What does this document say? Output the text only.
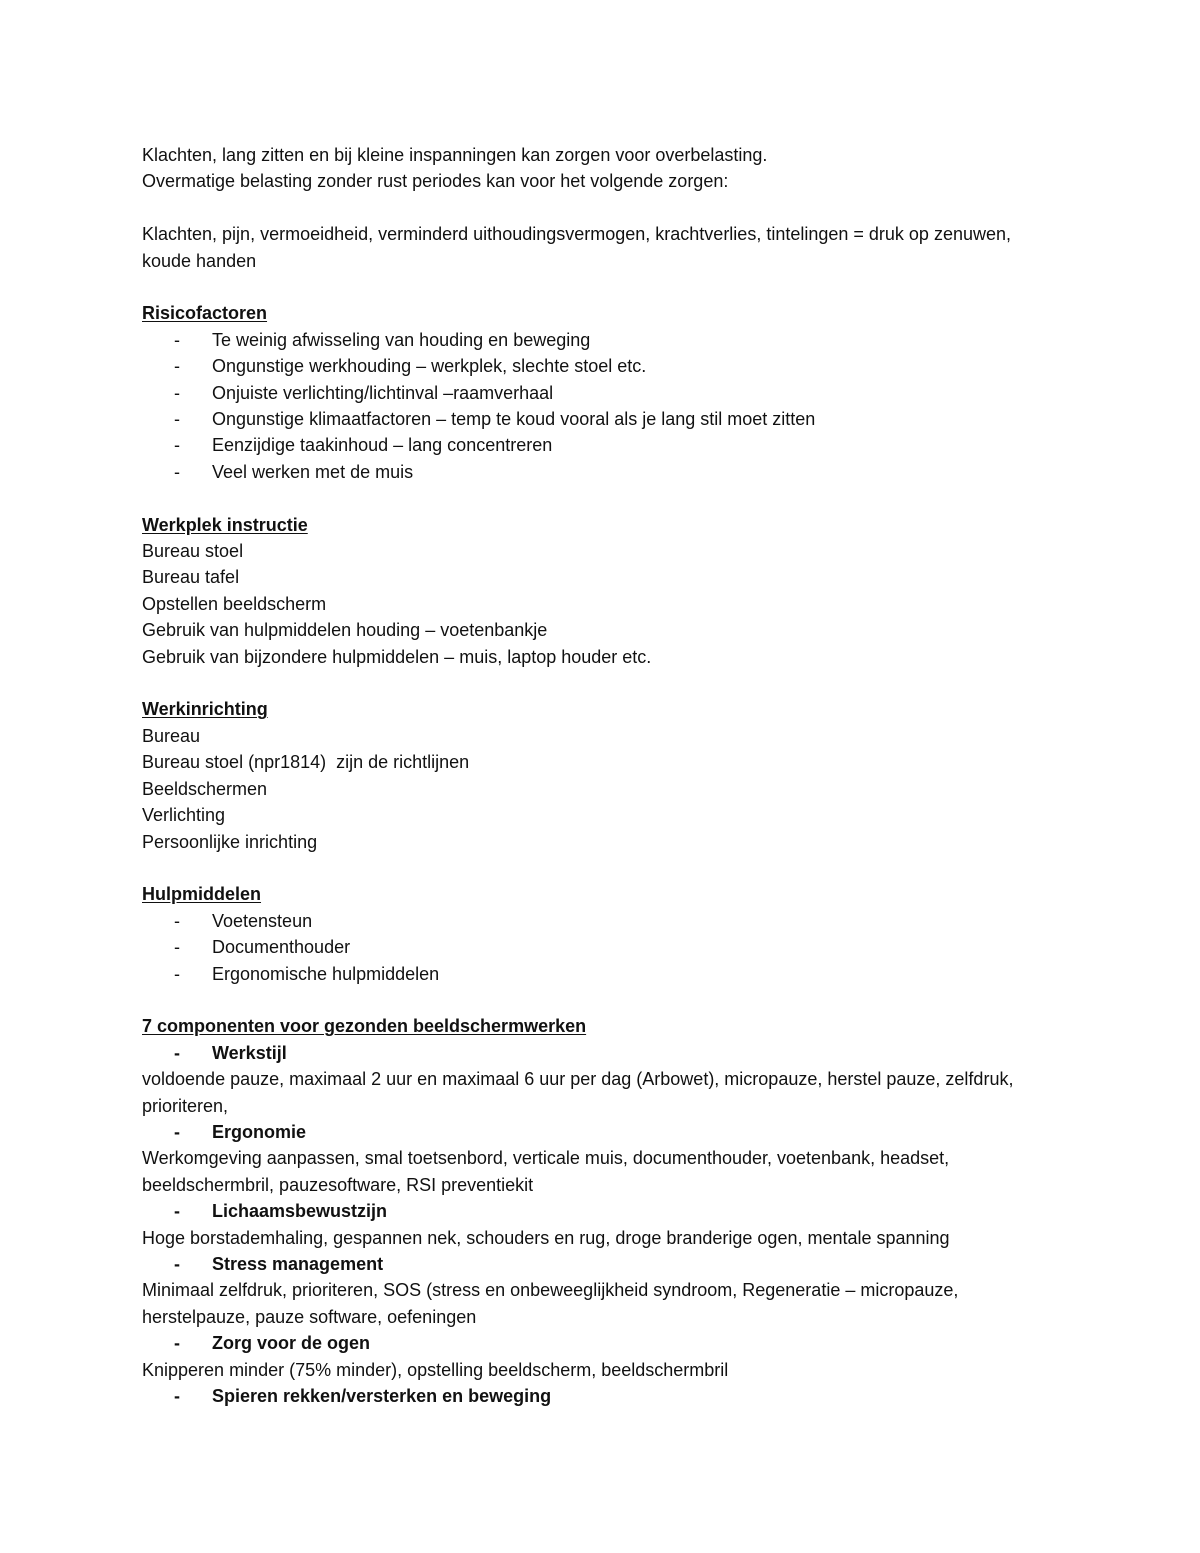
Klachten, lang zitten en bij kleine inspanningen kan zorgen voor overbelasting.

Overmatige belasting zonder rust periodes kan voor het volgende zorgen:

Klachten, pijn, vermoeidheid, verminderd uithoudingsvermogen, krachtverlies, tintelingen = druk op zenuwen, koude handen

Risicofactoren

- Te weinig afwisseling van houding en beweging

- Ongunstige werkhouding – werkplek, slechte stoel etc.

- Onjuiste verlichting/lichtinval –raamverhaal

- Ongunstige klimaatfactoren – temp te koud vooral als je lang stil moet zitten

- Eenzijdige taakinhoud – lang concentreren

- Veel werken met de muis

Werkplek instructie

Bureau stoel

Bureau tafel

Opstellen beeldscherm

Gebruik van hulpmiddelen houding – voetenbankje

Gebruik van bijzondere hulpmiddelen – muis, laptop houder etc.

Werkinrichting

Bureau

Bureau stoel (npr1814)  zijn de richtlijnen

Beeldschermen

Verlichting

Persoonlijke inrichting

Hulpmiddelen

- Voetensteun

- Documenthouder

- Ergonomische hulpmiddelen

7 componenten voor gezonden beeldschermwerken

- Werkstijl

voldoende pauze, maximaal 2 uur en maximaal 6 uur per dag (Arbowet), micropauze, herstel pauze, zelfdruk, prioriteren,

- Ergonomie

Werkomgeving aanpassen, smal toetsenbord, verticale muis, documenthouder, voetenbank, headset, beeldschermbril, pauzesoftware, RSI preventiekit

- Lichaamsbewustzijn

Hoge borstademhaling, gespannen nek, schouders en rug, droge branderige ogen, mentale spanning

- Stress management

Minimaal zelfdruk, prioriteren, SOS (stress en onbeweeglijkheid syndroom, Regeneratie – micropauze, herstelpauze, pauze software, oefeningen

- Zorg voor de ogen

Knipperen minder (75% minder), opstelling beeldscherm, beeldschermbril

- Spieren rekken/versterken en beweging
